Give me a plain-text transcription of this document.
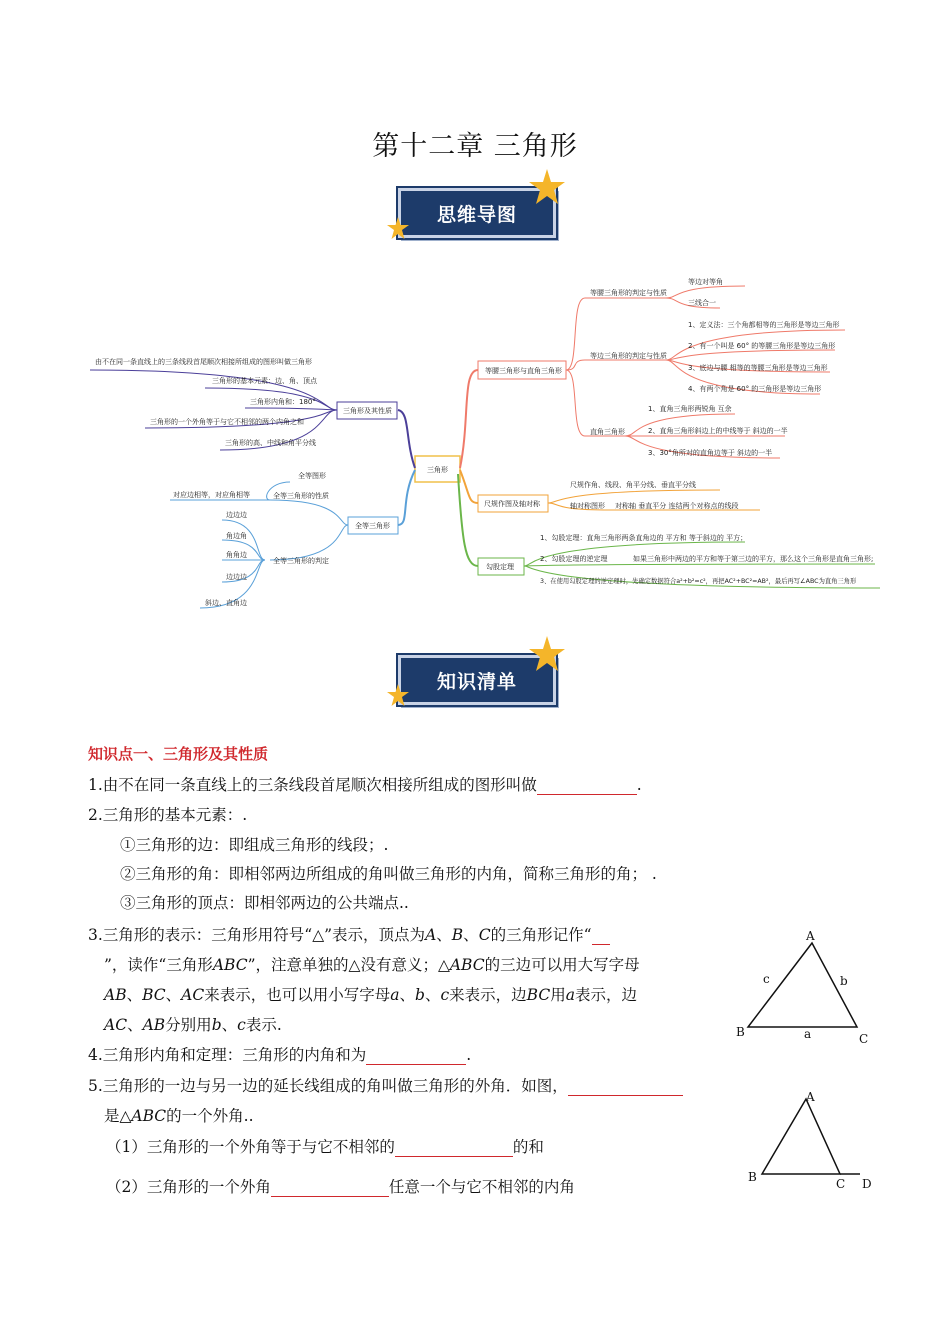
第十二章 三角形
思维导图
三角形
三角形及其性质
由不在同一条直线上的三条线段首尾顺次相接所组成的图形叫做三角形
三角形的基本元素：边、角、顶点
三角形内角和：180°
三角形的一个外角等于与它不相邻的两个内角之和
三角形的高、中线和角平分线
全等三角形
全等三角形的性质
全等三角形的判定
全等图形
对应边相等，对应角相等
边边边
角边角
角角边
边边边
斜边、直角边
等腰三角形与直角三角形
等腰三角形的判定与性质
等边三角形的判定与性质
直角三角形
等边对等角
三线合一
1、定义法：三个角都相等的三角形是等边三角形
2、有一个叫是 60° 的等腰三角形是等边三角形
3、底边与腰 相等的等腰三角形是等边三角形
4、有两个角是 60° 的三角形是等边三角形
1、直角三角形两锐角 互余
2、直角三角形斜边上的中线等于 斜边的一半
3、30°角所对的直角边等于 斜边的一半
尺规作图及轴对称
尺规作角、线段、角平分线、垂直平分线
轴对称图形 对称轴 垂直平分 连结两个对称点的线段
勾股定理
1、勾股定理：直角三角形两条直角边的 平方和 等于斜边的 平方；
2、勾股定理的逆定理	如果三角形中两边的平方和等于第三边的平方，那么这个三角形是直角三角形;
3、在使用勾股定理的逆定理时，先确定数据符合a²+b²=c²，再把AC²+BC²=AB²，最后再写∠ABC为直角三角形
知识清单
知识点一、三角形及其性质
1.由不在同一条直线上的三条线段首尾顺次相接所组成的图形叫做	.
2.三角形的基本元素：.
①三角形的边：即组成三角形的线段；.
②三角形的角：即相邻两边所组成的角叫做三角形的内角，简称三角形的角； .
③三角形的顶点：即相邻两边的公共端点..
3.三角形的表示：三角形用符号“△”表示，顶点为A、B、C的三角形记作“
”，读作“三角形ABC”，注意单独的△没有意义；△ABC的三边可以用大写字母
AB、BC、AC来表示，也可以用小写字母a、b、c来表示，边BC用a表示，边
AC、AB分别用b、c表示.
4.三角形内角和定理：三角形的内角和为	.
5.三角形的一边与另一边的延长线组成的角叫做三角形的外角．如图，
是△ABC的一个外角..
（1）三角形的一个外角等于与它不相邻的	的和
（2）三角形的一个外角	任意一个与它不相邻的内角
A
B	C
c	b
a
A
B	C D
